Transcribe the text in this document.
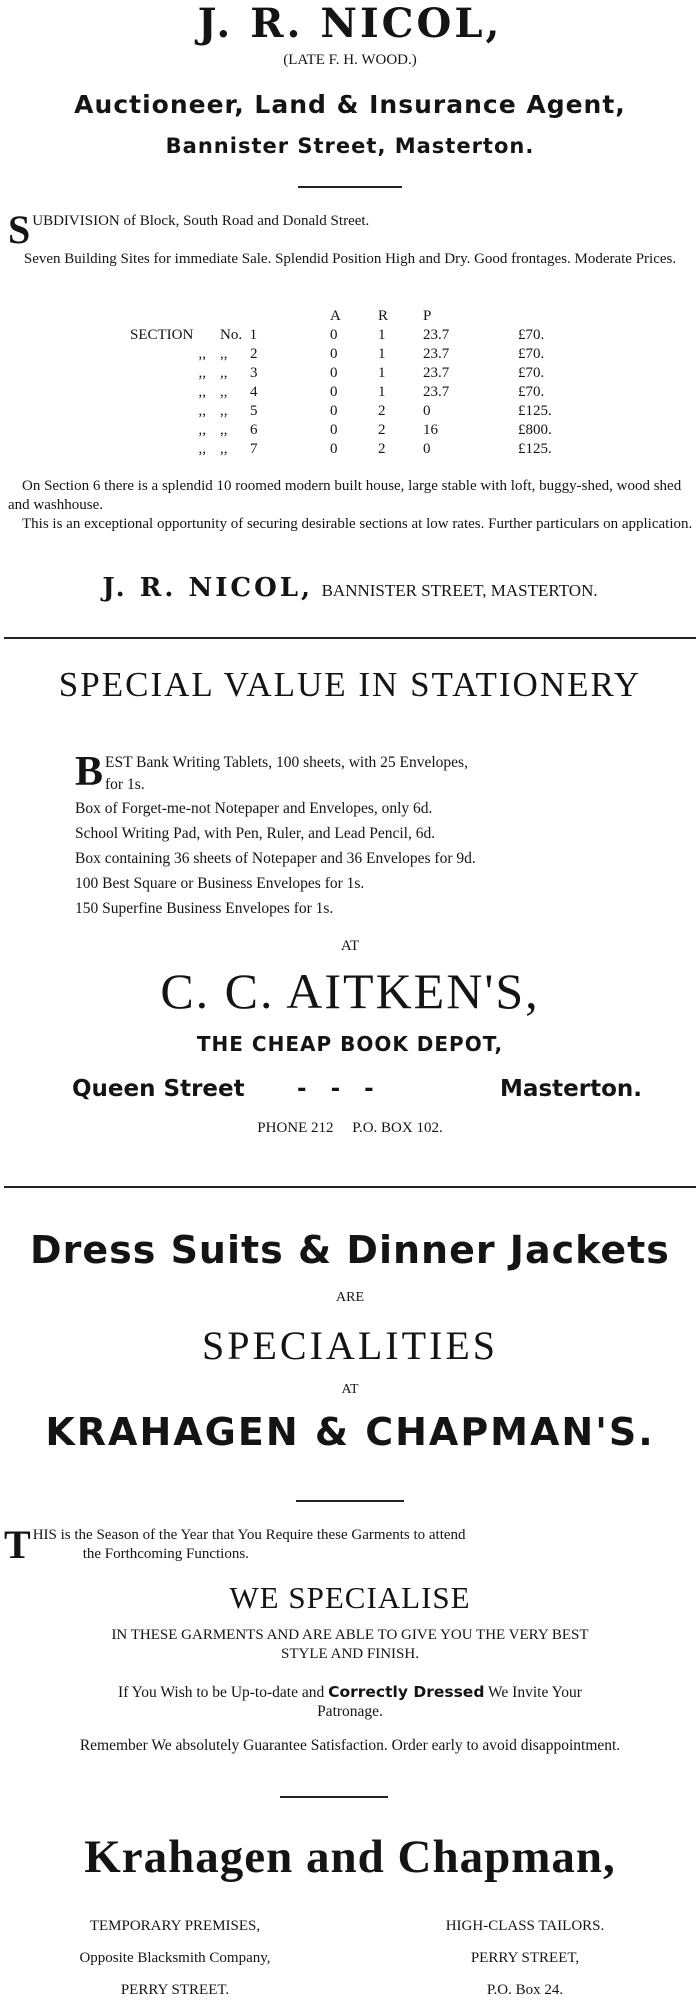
J. R. NICOL,
(LATE F. H. WOOD.)
Auctioneer, Land & Insurance Agent,
Bannister Street, Masterton.
S UBDIVISION of Block, South Road and Donald Street.
Seven Building Sites for immediate Sale. Splendid Position High and Dry. Good frontages. Moderate Prices.
		A	R	P	
SECTION	No. 1	0	1	23.7	£70.
,,	,, 2	0	1	23.7	£70.
,,	,, 3	0	1	23.7	£70.
,,	,, 4	0	1	23.7	£70.
,,	,, 5	0	2	0	£125.
,,	,, 6	0	2	16	£800.
,,	,, 7	0	2	0	£125.
On Section 6 there is a splendid 10 roomed modern built house, large stable with loft, buggy-shed, wood shed and washhouse.
This is an exceptional opportunity of securing desirable sections at low rates. Further particulars on application.
J. R. NICOL, BANNISTER STREET, MASTERTON.
SPECIAL VALUE IN STATIONERY
B EST Bank Writing Tablets, 100 sheets, with 25 Envelopes,
for 1s.
Box of Forget-me-not Notepaper and Envelopes, only 6d.
School Writing Pad, with Pen, Ruler, and Lead Pencil, 6d.
Box containing 36 sheets of Notepaper and 36 Envelopes for 9d.
100 Best Square or Business Envelopes for 1s.
150 Superfine Business Envelopes for 1s.
AT
C. C. AITKEN'S,
THE CHEAP BOOK DEPOT,
Queen Street -   -   -	Masterton.
PHONE 212     P.O. BOX 102.
Dress Suits & Dinner Jackets
ARE
SPECIALITIES
AT
KRAHAGEN & CHAPMAN'S.
T HIS is the Season of the Year that You Require these Garments to attend
the Forthcoming Functions.
WE SPECIALISE
IN THESE GARMENTS AND ARE ABLE TO GIVE YOU THE VERY BEST
STYLE AND FINISH.
If You Wish to be Up-to-date and Correctly Dressed We Invite Your
Patronage.
Remember We absolutely Guarantee Satisfaction. Order early to avoid disappointment.
Krahagen and Chapman,
TEMPORARY PREMISES,
Opposite Blacksmith Company,
PERRY STREET.
HIGH-CLASS TAILORS.
PERRY STREET,
P.O. Box 24.
